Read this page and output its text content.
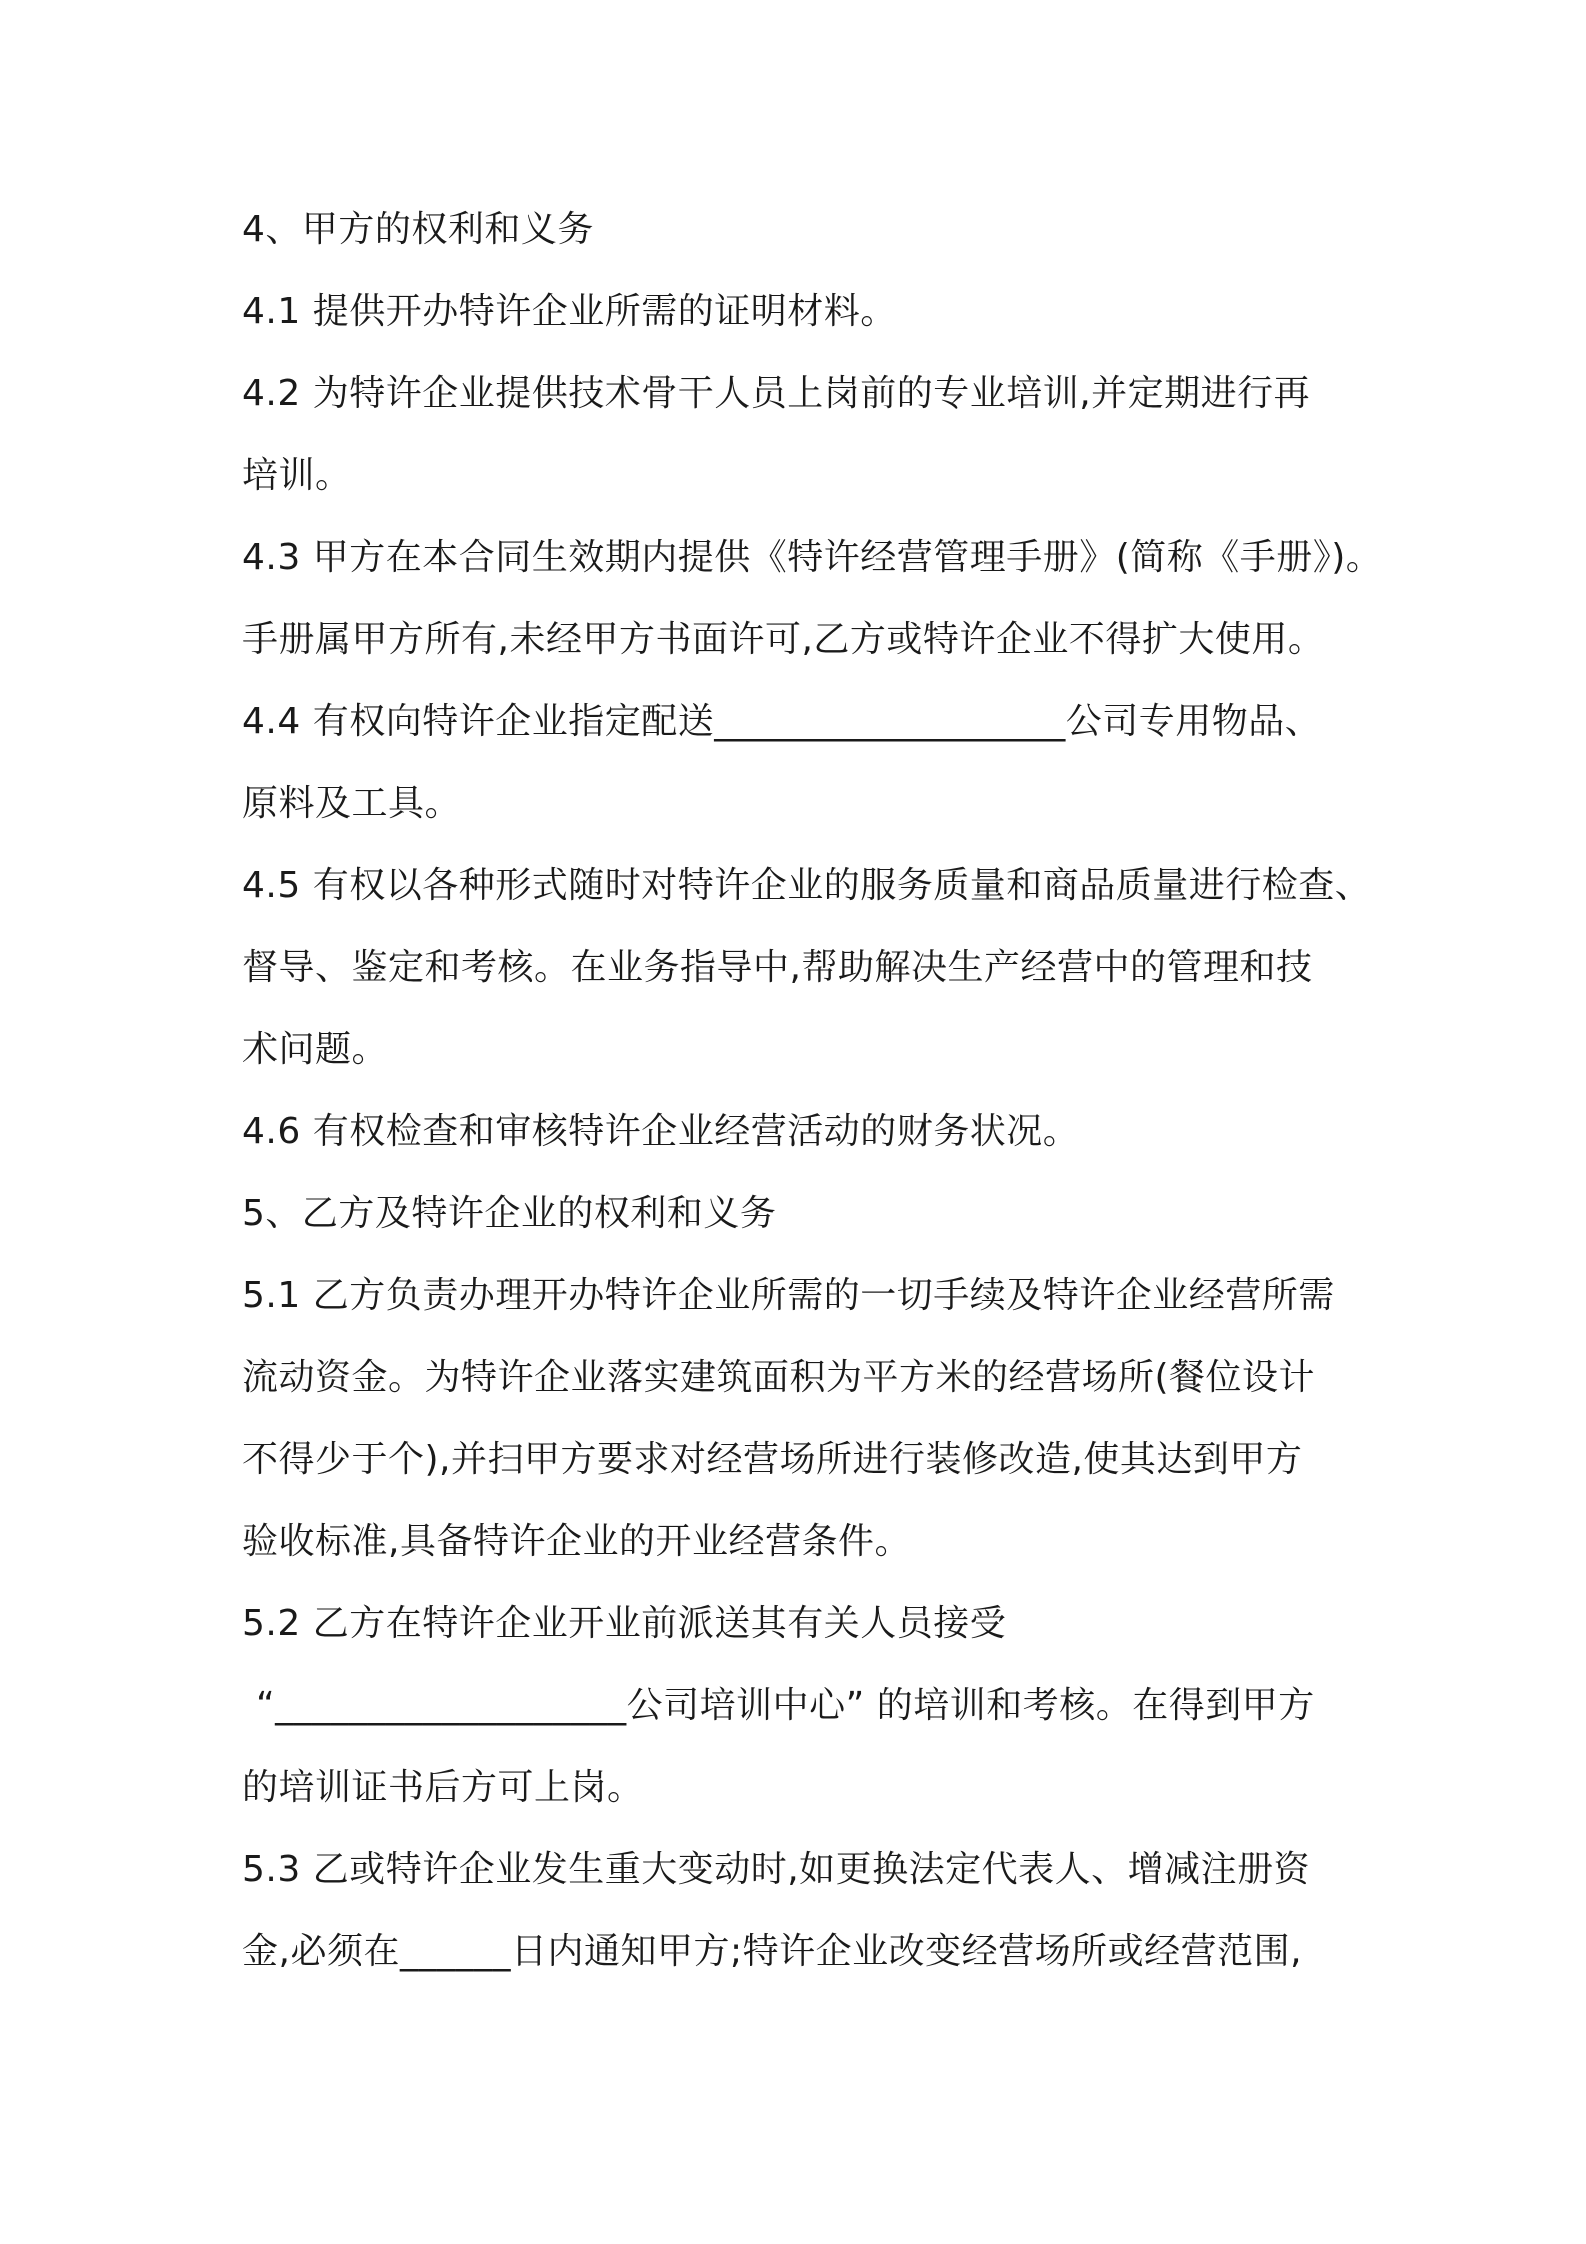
4、甲方的权利和义务
4.1 提供开办特许企业所需的证明材料。
4.2 为特许企业提供技术骨干人员上岗前的专业培训,并定期进行再
培训。
4.3 甲方在本合同生效期内提供《特许经营管理手册》(简称《手册》)。
手册属甲方所有,未经甲方书面许可,乙方或特许企业不得扩大使用。
4.4 有权向特许企业指定配送___________________公司专用物品、
原料及工具。
4.5 有权以各种形式随时对特许企业的服务质量和商品质量进行检查、
督导、鉴定和考核。在业务指导中,帮助解决生产经营中的管理和技
术问题。
4.6 有权检查和审核特许企业经营活动的财务状况。
5、乙方及特许企业的权利和义务
5.1 乙方负责办理开办特许企业所需的一切手续及特许企业经营所需
流动资金。为特许企业落实建筑面积为平方米的经营场所(餐位设计
不得少于个),并扫甲方要求对经营场所进行装修改造,使其达到甲方
验收标准,具备特许企业的开业经营条件。
5.2 乙方在特许企业开业前派送其有关人员接受
“___________________公司培训中心” 的培训和考核。在得到甲方
的培训证书后方可上岗。
5.3 乙或特许企业发生重大变动时,如更换法定代表人、增减注册资
金,必须在______日内通知甲方;特许企业改变经营场所或经营范围,
